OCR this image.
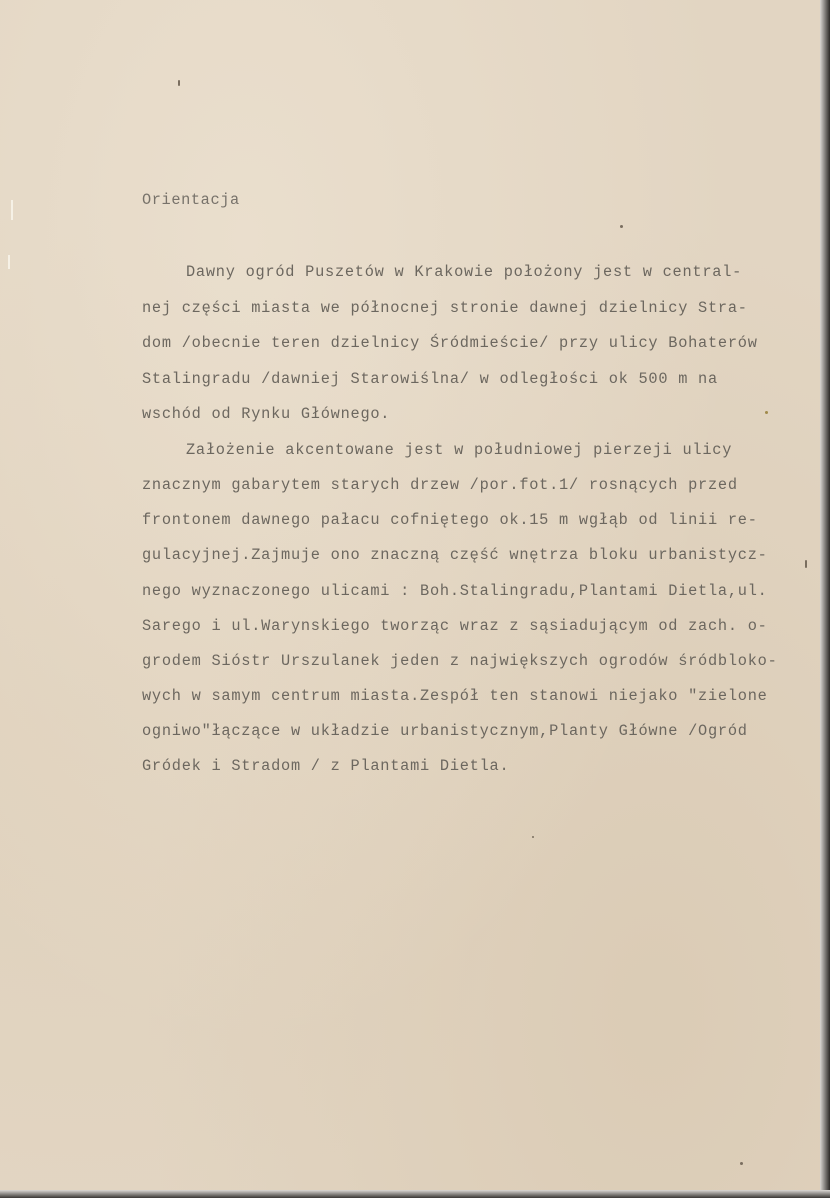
Orientacja
Dawny ogród Puszetów w Krakowie położony jest w central-
nej części miasta we północnej stronie dawnej dzielnicy Stra-
dom /obecnie teren dzielnicy Śródmieście/ przy ulicy Bohaterów
Stalingradu /dawniej Starowiślna/ w odległości ok 500 m na
wschód od Rynku Głównego.
Założenie akcentowane jest w południowej pierzeji ulicy
znacznym gabarytem starych drzew /por.fot.1/ rosnących przed
frontonem dawnego pałacu cofniętego ok.15 m wgłąb od linii re-
gulacyjnej.Zajmuje ono znaczną część wnętrza bloku urbanistycz-
nego wyznaczonego ulicami : Boh.Stalingradu,Plantami Dietla,ul.
Sarego i ul.Warynskiego tworząc wraz z sąsiadującym od zach. o-
grodem Sióstr Urszulanek jeden z największych ogrodów śródbloko-
wych w samym centrum miasta.Zespół ten stanowi niejako "zielone
ogniwo"łączące w układzie urbanistycznym,Planty Główne /Ogród
Gródek i Stradom / z Plantami Dietla.
